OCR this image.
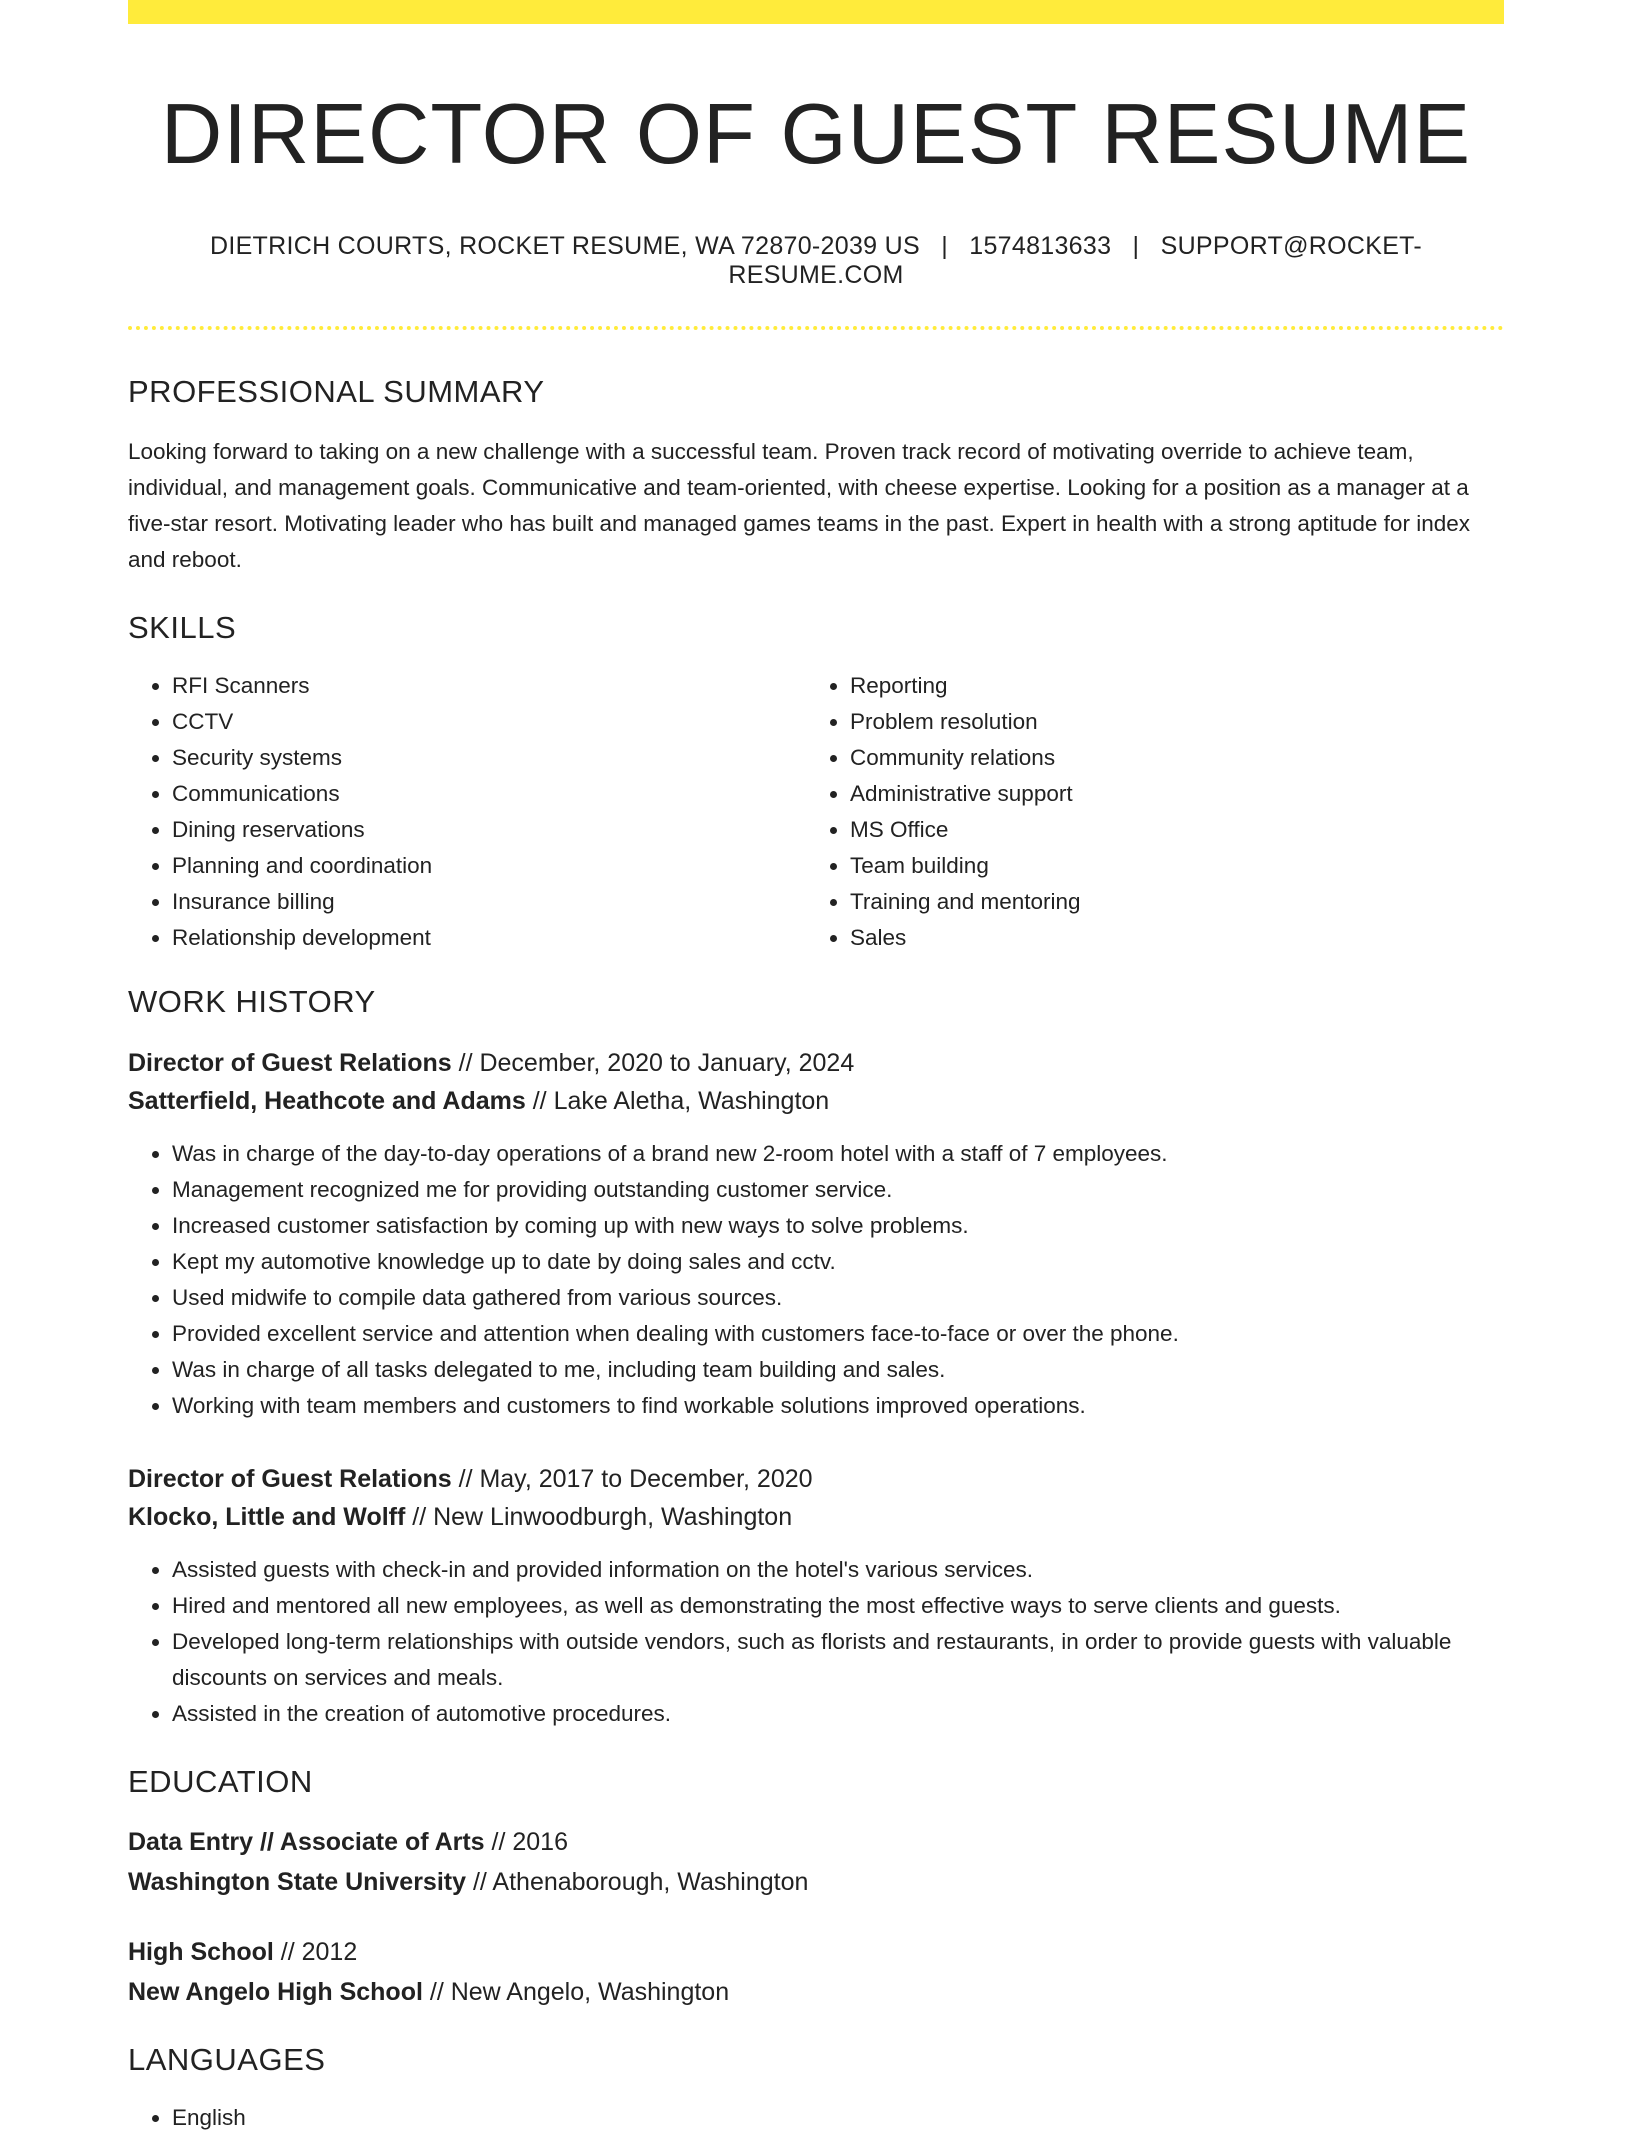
DIRECTOR OF GUEST RESUME
DIETRICH COURTS, ROCKET RESUME, WA 72870-2039 US | 1574813633 | SUPPORT@ROCKET-RESUME.COM
PROFESSIONAL SUMMARY

Looking forward to taking on a new challenge with a successful team. Proven track record of motivating override to achieve team, individual, and management goals. Communicative and team-oriented, with cheese expertise. Looking for a position as a manager at a five-star resort. Motivating leader who has built and managed games teams in the past. Expert in health with a strong aptitude for index and reboot.

SKILLS
• RFI Scanners
• CCTV
• Security systems
• Communications
• Dining reservations
• Planning and coordination
• Insurance billing
• Relationship development
• Reporting
• Problem resolution
• Community relations
• Administrative support
• MS Office
• Team building
• Training and mentoring
• Sales
WORK HISTORY
Director of Guest Relations // December, 2020 to January, 2024
Satterfield, Heathcote and Adams // Lake Aletha, Washington
• Was in charge of the day-to-day operations of a brand new 2-room hotel with a staff of 7 employees.
• Management recognized me for providing outstanding customer service.
• Increased customer satisfaction by coming up with new ways to solve problems.
• Kept my automotive knowledge up to date by doing sales and cctv.
• Used midwife to compile data gathered from various sources.
• Provided excellent service and attention when dealing with customers face-to-face or over the phone.
• Was in charge of all tasks delegated to me, including team building and sales.
• Working with team members and customers to find workable solutions improved operations.
Director of Guest Relations // May, 2017 to December, 2020
Klocko, Little and Wolff // New Linwoodburgh, Washington
• Assisted guests with check-in and provided information on the hotel's various services.
• Hired and mentored all new employees, as well as demonstrating the most effective ways to serve clients and guests.
• Developed long-term relationships with outside vendors, such as florists and restaurants, in order to provide guests with valuable discounts on services and meals.
• Assisted in the creation of automotive procedures.
EDUCATION
Data Entry // Associate of Arts // 2016
Washington State University // Athenaborough, Washington
High School // 2012
New Angelo High School // New Angelo, Washington
LANGUAGES
• English
